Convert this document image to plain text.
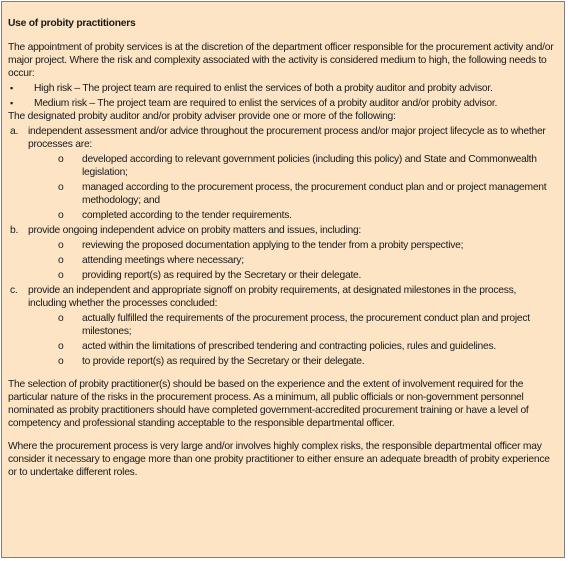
Use of probity practitioners
The appointment of probity services is at the discretion of the department officer responsible for the procurement activity and/or major project. Where the risk and complexity associated with the activity is considered medium to high, the following needs to occur:
▪ High risk – The project team are required to enlist the services of both a probity auditor and probity advisor.
▪ Medium risk – The project team are required to enlist the services of a probity auditor and/or probity advisor.
The designated probity auditor and/or probity adviser provide one or more of the following:
a. independent assessment and/or advice throughout the procurement process and/or major project lifecycle as to whether processes are:
o developed according to relevant government policies (including this policy) and State and Commonwealth legislation;
o managed according to the procurement process, the procurement conduct plan and or project management methodology; and
o completed according to the tender requirements.
b. provide ongoing independent advice on probity matters and issues, including:
o reviewing the proposed documentation applying to the tender from a probity perspective;
o attending meetings where necessary;
o providing report(s) as required by the Secretary or their delegate.
c. provide an independent and appropriate signoff on probity requirements, at designated milestones in the process, including whether the processes concluded:
o actually fulfilled the requirements of the procurement process, the procurement conduct plan and project milestones;
o acted within the limitations of prescribed tendering and contracting policies, rules and guidelines.
o to provide report(s) as required by the Secretary or their delegate.
The selection of probity practitioner(s) should be based on the experience and the extent of involvement required for the particular nature of the risks in the procurement process. As a minimum, all public officials or non-government personnel nominated as probity practitioners should have completed government-accredited procurement training or have a level of competency and professional standing acceptable to the responsible departmental officer.
Where the procurement process is very large and/or involves highly complex risks, the responsible departmental officer may consider it necessary to engage more than one probity practitioner to either ensure an adequate breadth of probity experience or to undertake different roles.
